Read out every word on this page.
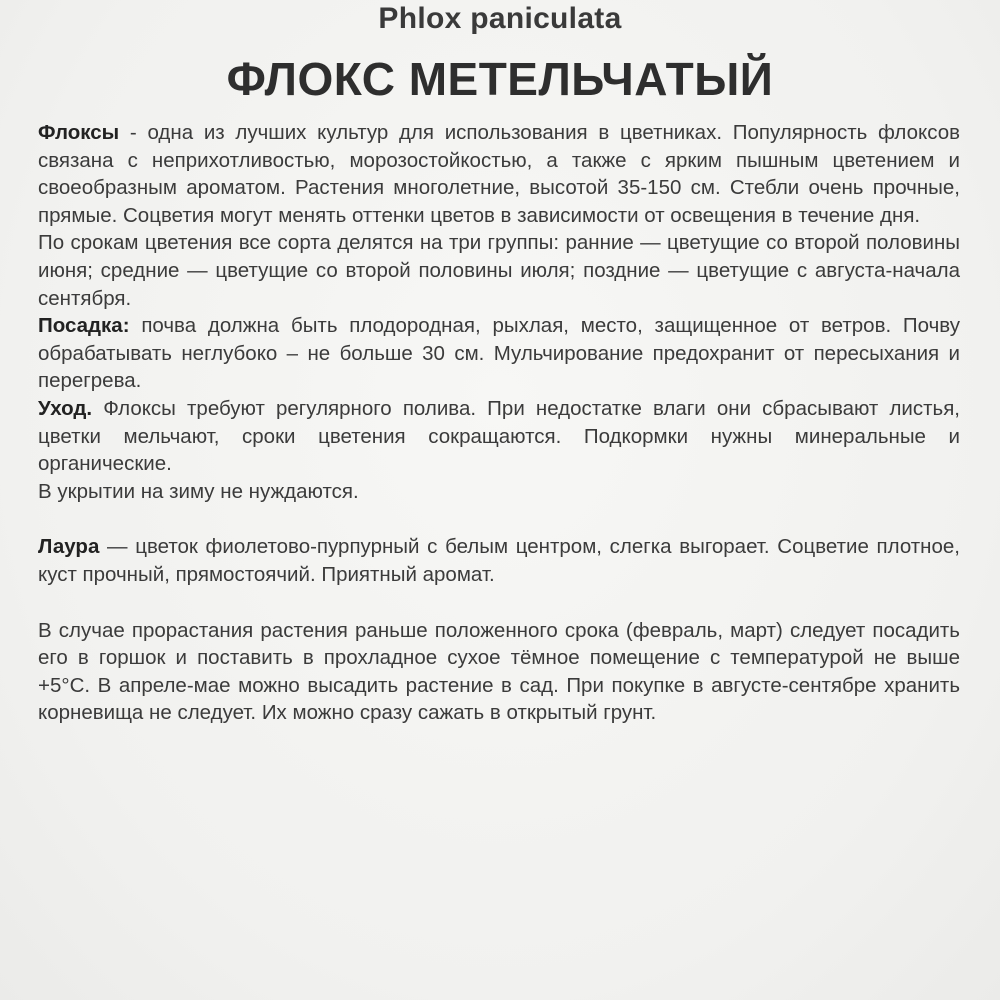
Phlox paniculata
ФЛОКС МЕТЕЛЬЧАТЫЙ

Флоксы - одна из лучших культур для использования в цветниках. Популярность флоксов связана с неприхотливостью, морозостойкостью, а также с ярким пышным цветением и своеобразным ароматом. Растения многолетние, высотой 35-150 см. Стебли очень прочные, прямые. Соцветия могут менять оттенки цветов в зависимости от освещения в течение дня.

По срокам цветения все сорта делятся на три группы: ранние — цветущие со второй половины июня; средние — цветущие со второй половины июля; поздние — цветущие с августа-начала сентября.

Посадка: почва должна быть плодородная, рыхлая, место, защищенное от ветров. Почву обрабатывать неглубоко – не больше 30 см. Мульчирование предохранит от пересыхания и перегрева.

Уход. Флоксы требуют регулярного полива. При недостатке влаги они сбрасывают листья, цветки мельчают, сроки цветения сокращаются. Подкормки нужны минеральные и органические.

В укрытии на зиму не нуждаются.

Лаура — цветок фиолетово-пурпурный с белым центром, слегка выгорает. Соцветие плотное, куст прочный, прямостоячий. Приятный аромат.

В случае прорастания растения раньше положенного срока (февраль, март) следует посадить его в горшок и поставить в прохладное сухое тёмное помещение с температурой не выше +5°С. В апреле-мае можно высадить растение в сад. При покупке в августе-сентябре хранить корневища не следует. Их можно сразу сажать в открытый грунт.
